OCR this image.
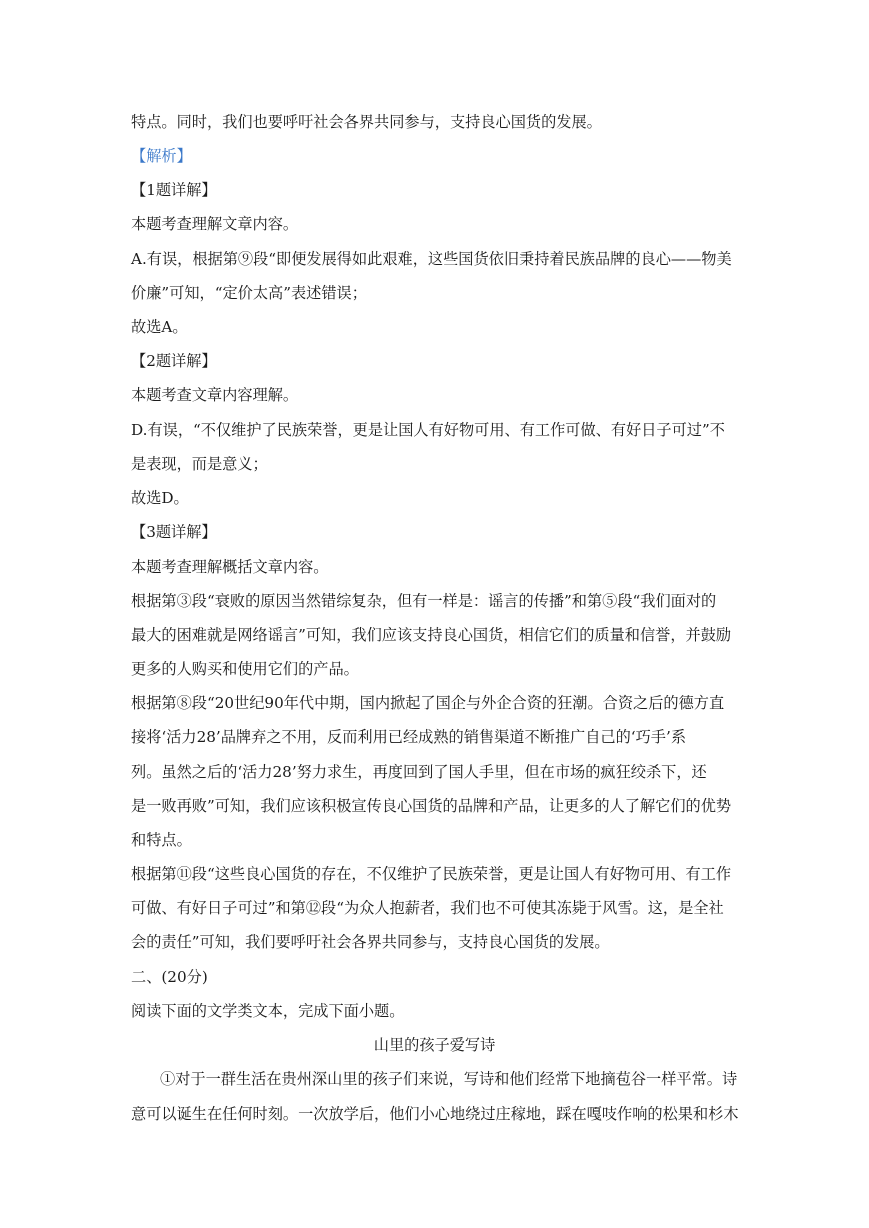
特点。同时，我们也要呼吁社会各界共同参与，支持良心国货的发展。
【解析】
【1题详解】
本题考查理解文章内容。
A.有误，根据第⑨段“即便发展得如此艰难，这些国货依旧秉持着民族品牌的良心——物美
价廉”可知，“定价太高”表述错误；
故选A。
【2题详解】
本题考查文章内容理解。
D.有误，“不仅维护了民族荣誉，更是让国人有好物可用、有工作可做、有好日子可过”不
是表现，而是意义；
故选D。
【3题详解】
本题考查理解概括文章内容。
根据第③段“衰败的原因当然错综复杂，但有一样是：谣言的传播”和第⑤段“我们面对的
最大的困难就是网络谣言”可知，我们应该支持良心国货，相信它们的质量和信誉，并鼓励
更多的人购买和使用它们的产品。
根据第⑧段“20世纪90年代中期，国内掀起了国企与外企合资的狂潮。合资之后的德方直
接将‘活力28’品牌弃之不用，反而利用已经成熟的销售渠道不断推广自己的‘巧手’系
列。虽然之后的‘活力28’努力求生，再度回到了国人手里，但在市场的疯狂绞杀下，还
是一败再败”可知，我们应该积极宣传良心国货的品牌和产品，让更多的人了解它们的优势
和特点。
根据第⑪段“这些良心国货的存在，不仅维护了民族荣誉，更是让国人有好物可用、有工作
可做、有好日子可过”和第⑫段“为众人抱薪者，我们也不可使其冻毙于风雪。这，是全社
会的责任”可知，我们要呼吁社会各界共同参与，支持良心国货的发展。
二、(20分)
阅读下面的文学类文本，完成下面小题。
山里的孩子爱写诗
①对于一群生活在贵州深山里的孩子们来说，写诗和他们经常下地摘苞谷一样平常。诗
意可以诞生在任何时刻。一次放学后，他们小心地绕过庄稼地，踩在嘎吱作响的松果和杉木
